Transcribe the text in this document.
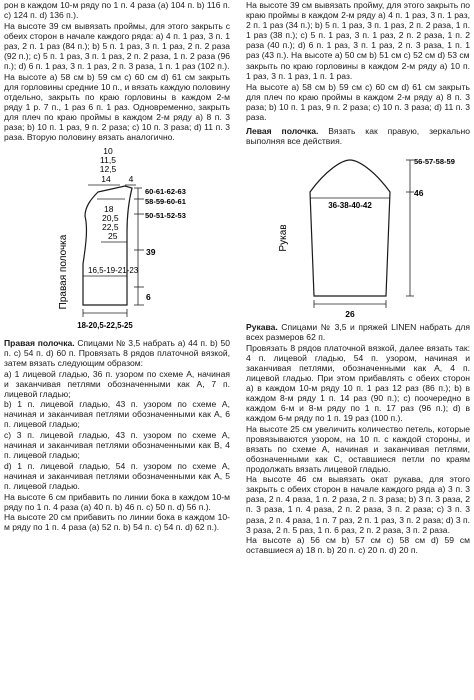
рон в каждом 10-м ряду по 1 п. 4 раза (a) 104 п. b) 116 п. c) 124 п. d) 136 п.).

На высоте 39 см вывязать проймы, для этого закрыть с обеих сторон в начале каждого ряда: a) 4 п. 1 раз, 3 п. 1 раз, 2 п. 1 раз (84 п.); b) 5 п. 1 раз, 3 п. 1 раз, 2 п. 2 раза (92 п.); c) 5 п. 1 раз, 3 п. 1 раз, 2 п. 2 раза, 1 п. 2 раза (96 п.); d) 6 п. 1 раз, 3 п. 1 раз, 2 п. 3 раза, 1 п. 1 раз (102 п.).

На высоте a) 58 см b) 59 см c) 60 см d) 61 см закрыть для горловины средние 10 п., и вязать каждую половину отдельно, закрыть по краю горловины в каждом 2-м ряду 1 р. 7 п., 1 раз 6 п. 1 раз. Одновременно, закрыть для плеч по краю проймы в каждом 2-м ряду a) 8 п. 3 раза; b) 10 п. 1 раз, 9 п. 2 раза; c) 10 п. 3 раза; d) 11 п. 3 раза. Вторую половину вязать аналогично.

10
11,5
12,5
14 4
60-61-62-63
58-59-60-61
50-51-52-53
39
6
18
20,5
22,5
25
16,5-19-21-23
18-20,5-22,5-25
Правая полочка

Правая полочка. Спицами № 3,5 набрать a) 44 п. b) 50 п. c) 54 п. d) 60 п. Провязать 8 рядов платочной вязкой, затем вязать следующим образом:

a) 1 лицевой гладью, 36 п. узором по схеме А, начиная и заканчивая петлями обозначенными как А, 7 п. лицевой гладью;

b) 1 п. лицевой гладью, 43 п. узором по схеме А, начиная и заканчивая петлями обозначенными как А, 6 п. лицевой гладью;

c) 3 п. лицевой гладью, 43 п. узором по схеме А, начиная и заканчивая петлями обозначенными как В, 4 п. лицевой гладью;

d) 1 п. лицевой гладью, 54 п. узором по схеме А, начиная и заканчивая петлями обозначенными как А, 5 п. лицевой гладью.

На высоте 6 см прибавить по линии бока в каждом 10-м ряду по 1 п. 4 раза (a) 40 п. b) 46 п. c) 50 п. d) 56 п.).

На высоте 20 см прибавить по линии бока в каждом 10-м ряду по 1 п. 4 раза (a) 52 п. b) 54 п. c) 54 п. d) 62 п.).

На высоте 39 см вывязать пройму, для этого закрыть по краю проймы в каждом 2-м ряду a) 4 п. 1 раз, 3 п. 1 раз, 2 п. 1 раз (34 п.); b) 5 п. 1 раз, 3 п. 1 раз, 2 п. 2 раза, 1 п. 1 раз (38 п.); c) 5 п. 1 раз, 3 п. 1 раз, 2 п. 2 раза, 1 п. 2 раза (40 п.); d) 6 п. 1 раз, 3 п. 1 раз, 2 п. 3 раза, 1 п. 1 раз (43 п.). На высоте a) 50 см b) 51 см c) 52 см d) 53 см

закрыть по краю горловины в каждом 2-м ряду a) 10 п. 1 раз, 3 п. 1 раз, 1 п. 1 раз.

На высоте a) 58 см b) 59 см c) 60 см d) 61 см закрыть для плеч по краю проймы в каждом 2-м ряду a) 8 п. 3 раза; b) 10 п. 1 раз, 9 п. 2 раза; c) 10 п. 3 раза; d) 11 п. 3 раза.

Левая полочка. Вязать как правую, зеркально выполняя все действия.

56-57-58-59
46
36-38-40-42
26
Рукав

Рукава. Спицами № 3,5 и пряжей LINEN набрать для всех размеров 62 п.

Провязать 8 рядов платочной вязкой, далее вязать так: 4 п. лицевой гладью, 54 п. узором, начиная и заканчивая петлями, обозначенными как А, 4 п. лицевой гладью. При этом прибавлять с обеих сторон a) в каждом 10-м ряду 10 п. 1 раз 12 раз (86 п.); b) в каждом 8-м ряду 1 п. 14 раз (90 п.); c) поочередно в каждом 6-м и 8-м ряду по 1 п. 17 раз (96 п.); d) в каждом 6-м ряду по 1 п. 19 раз (100 п.).

На высоте 25 см увеличить количество петель, которые провязываются узором, на 10 п. с каждой стороны, и вязать по схеме А, начиная и заканчивая петлями, обозначенными как С, оставшиеся петли по краям продолжать вязать лицевой гладью.

На высоте 46 см вывязать окат рукава, для этого закрыть с обеих сторон в начале каждого ряда a) 3 п. 3 раза, 2 п. 4 раза, 1 п. 2 раза, 2 п. 3 раза; b) 3 п. 3 раза, 2 п. 3 раза, 1 п. 4 раза, 2 п. 2 раза, 3 п. 2 раза; c) 3 п. 3 раза, 2 п. 4 раза, 1 п. 7 раз, 2 п. 1 раз, 3 п. 2 раза; d) 3 п. 3 раза, 2 п. 5 раз, 1 п. 6 раз, 2 п. 2 раза, 3 п. 2 раза.

На высоте a) 56 см b) 57 см c) 58 см d) 59 см оставшиеся a) 18 п. b) 20 п. c) 20 п. d) 20 п.
